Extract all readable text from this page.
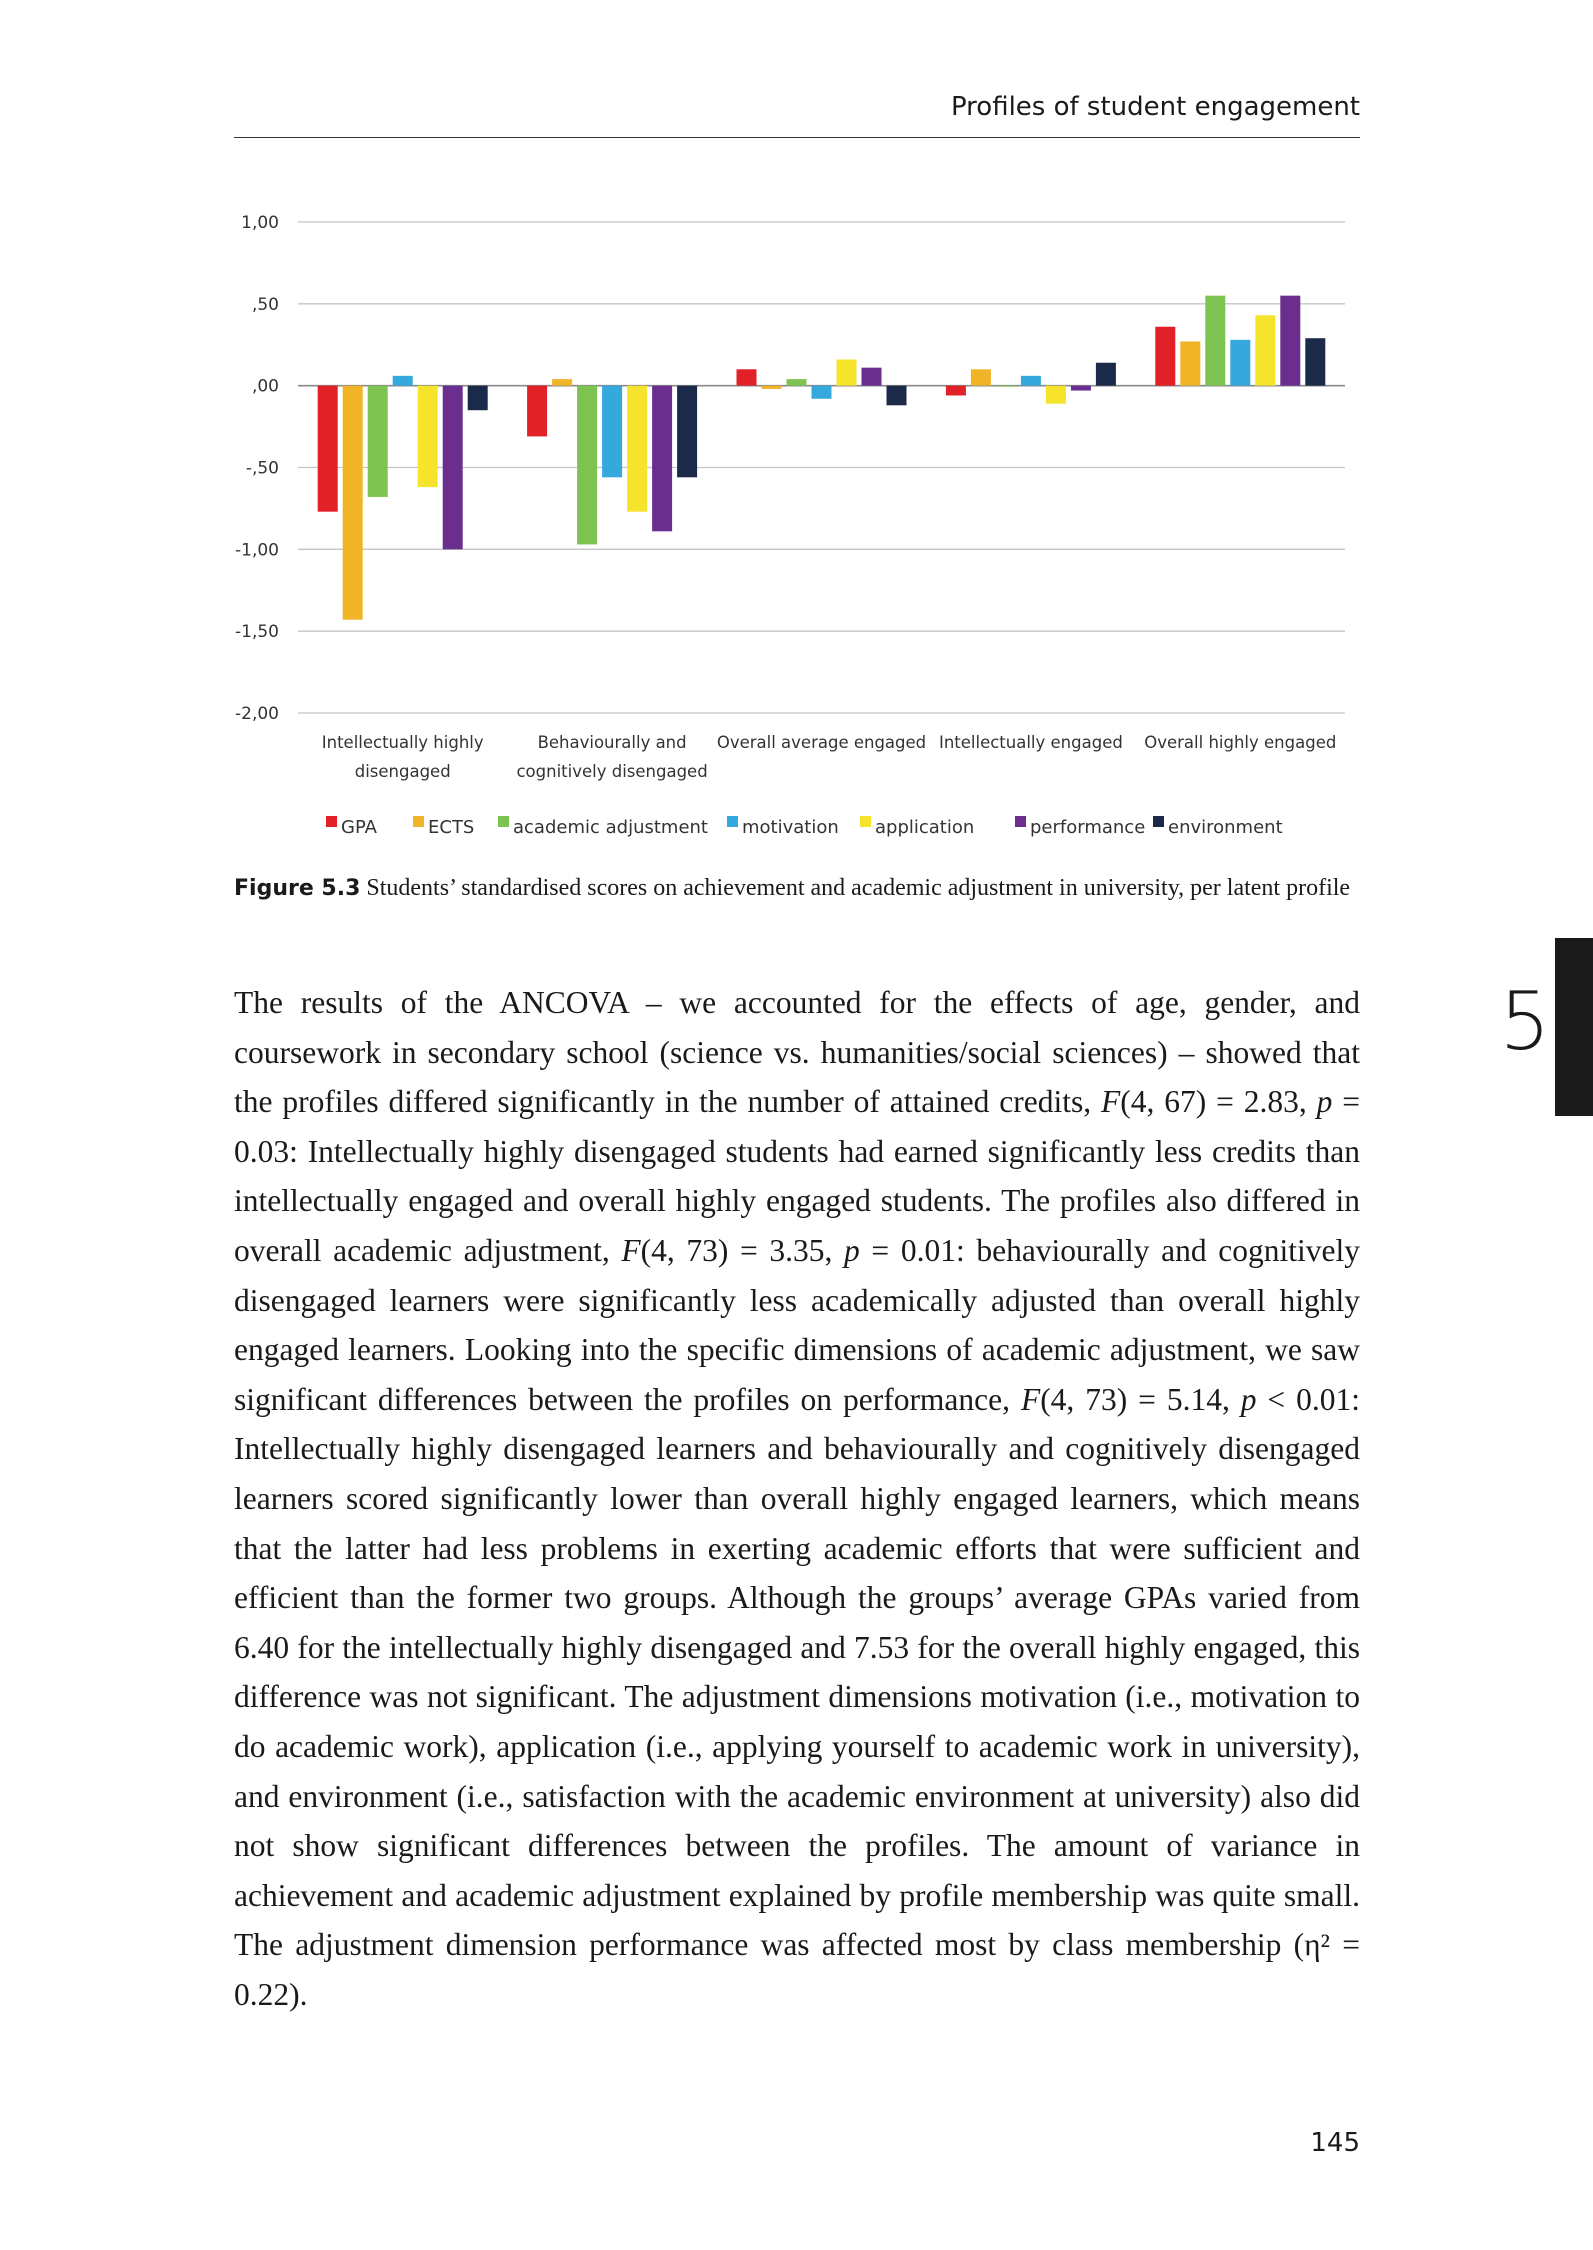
Profiles of student engagement
1,00
,50
,00
-,50
-1,00
-1,50
-2,00
Intellectually highly
disengaged
Behaviourally and
cognitively disengaged
Overall average engaged Intellectually engaged Overall highly engaged
GPA	ECTS academic adjustment motivation application	performance environment
Figure 5.3 Students’ standardised scores on achievement and academic adjustment in university, per latent profile

The results of the ANCOVA – we accounted for the effects of age, gender, and coursework in secondary school (science vs. humanities/social sciences) – showed that the profiles differed significantly in the number of attained credits, F(4, 67) = 2.83, p = 0.03: Intellectually highly disengaged students had earned significantly less credits than intellectually engaged and overall highly engaged students. The profiles also differed in overall academic adjustment, F(4, 73) = 3.35, p = 0.01: behaviourally and cognitively disengaged learners were significantly less academically adjusted than overall highly engaged learners. Looking into the specific dimensions of academic adjustment, we saw significant differences between the profiles on performance, F(4, 73) = 5.14, p < 0.01: Intellectually highly disengaged learners and behaviourally and cognitively disengaged learners scored significantly lower than overall highly engaged learners, which means that the latter had less problems in exerting academic efforts that were sufficient and efficient than the former two groups. Although the groups’ average GPAs varied from 6.40 for the intellectually highly disengaged and 7.53 for the overall highly engaged, this difference was not significant. The adjustment dimensions motivation (i.e., motivation to do academic work), application (i.e., applying yourself to academic work in university), and environment (i.e., satisfaction with the academic environment at university) also did not show significant differences between the profiles. The amount of variance in achievement and academic adjustment explained by profile membership was quite small. The adjustment dimension performance was affected most by class membership (η² = 0.22).

5
145
